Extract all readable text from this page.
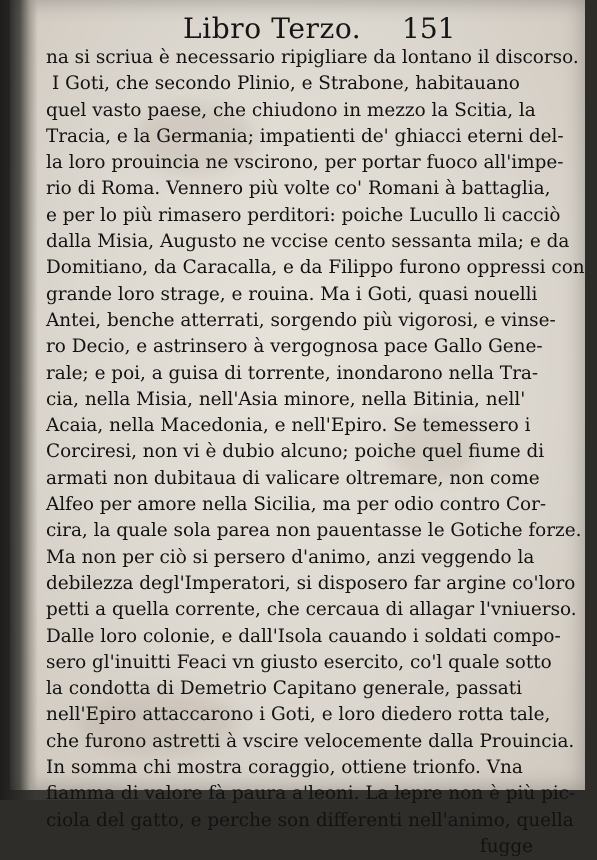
Libro Terzo. 151
na si scriua è necessario ripigliare da lontano il discorso.
I Goti, che secondo Plinio, e Strabone, habitauano
quel vasto paese, che chiudono in mezzo la Scitia, la
Tracia, e la Germania; impatienti de' ghiacci eterni del-
la loro prouincia ne vscirono, per portar fuoco all'impe-
rio di Roma. Vennero più volte co' Romani à battaglia,
e per lo più rimasero perditori: poiche Lucullo li cacciò
dalla Misia, Augusto ne vccise cento sessanta mila; e da
Domitiano, da Caracalla, e da Filippo furono oppressi con
grande loro strage, e rouina. Ma i Goti, quasi nouelli
Antei, benche atterrati, sorgendo più vigorosi, e vinse-
ro Decio, e astrinsero à vergognosa pace Gallo Gene-
rale; e poi, a guisa di torrente, inondarono nella Tra-
cia, nella Misia, nell'Asia minore, nella Bitinia, nell'
Acaia, nella Macedonia, e nell'Epiro. Se temessero i
Corciresi, non vi è dubio alcuno; poiche quel fiume di
armati non dubitaua di valicare oltremare, non come
Alfeo per amore nella Sicilia, ma per odio contro Cor-
cira, la quale sola parea non pauentasse le Gotiche forze.
Ma non per ciò si persero d'animo, anzi veggendo la
debilezza degl'Imperatori, si disposero far argine co'loro
petti a quella corrente, che cercaua di allagar l'vniuerso.
Dalle loro colonie, e dall'Isola cauando i soldati compo-
sero gl'inuitti Feaci vn giusto esercito, co'l quale sotto
la condotta di Demetrio Capitano generale, passati
nell'Epiro attaccarono i Goti, e loro diedero rotta tale,
che furono astretti à vscire velocemente dalla Prouincia.
In somma chi mostra coraggio, ottiene trionfo. Vna
fiamma di valore fà paura a'leoni. La lepre non è più pic-
ciola del gatto, e perche son differenti nell'animo, quella
fugge
